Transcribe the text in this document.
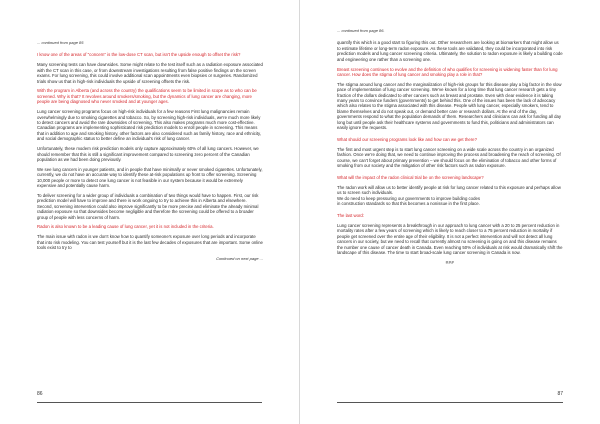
... continued from page 85

I know one of the areas of "concern" is the low-dose CT scan, but isn't the upside enough to offset the risk?

Many screening tests can have downsides. Some might relate to the test itself such as a radiation exposure associated with the CT scan in this case, or from downstream investigations resulting from false positive findings on the screen exams. For lung screening, this could involve additional scan appointments even biopsies or surgeries. Randomized trials show us that in high-risk individuals the upside of screening offsets the risk.

With the program in Alberta (and across the country) the qualifications seem to be limited in scope as to who can be screened. Why is that? It revolves around smokers/smoking, but the dynamics of lung cancer are changing, more people are being diagnosed who never smoked and at younger ages.

Lung cancer screening programs focus on high-risk individuals for a few reasons First lung malignancies remain overwhelmingly due to smoking cigarettes and tobacco. So, by screening high-risk individuals, we're much more likely to detect cancers and avoid the rare downsides of screening. This also makes programs much more cost-effective. Canadian programs are implementing sophisticated risk prediction models to enroll people in screening. This means that in addition to age and smoking history, other factors are also considered such as family history, race and ethnicity, and social demographic status to better define an individual's risk of lung cancer.

Unfortunately, these modern risk prediction models only capture approximately 60% of all lung cancers. However, we should remember that this is still a significant improvement compared to screening zero percent of the Canadian population as we had been doing previously.

We see lung cancers in younger patients, and in people that have minimally or never smoked cigarettes. Unfortunately, currently, we do not have an accurate way to identify these at-risk populations up front to offer screening. Screening 10,000 people or more to detect one lung cancer is not feasible in our system because it would be extremely expensive and potentially cause harm.

To deliver screening for a wider group of individuals a combination of two things would have to happen. First, our risk prediction model will have to improve and there is work ongoing to try to achieve this in Alberta and elsewhere. Second, screening intervention could also improve significantly to be more precise and eliminate the already minimal radiation exposure so that downsides become negligible and therefore the screening could be offered to a broader group of people with less concerns of harm.

Radon is also known to be a leading cause of lung cancer, yet it is not included in the criteria.

The main issue with radon is we don't know how to quantify someone's exposure over long periods and incorporate that into risk modeling. You can test yourself but it is the last few decades of exposures that are important. Some online tools exist to try to

Continued on next page ...
86
... continued from page 86.

quantify this which is a good start to figuring this out. Other researchers are looking at biomarkers that might allow us to estimate lifetime or long-term radon exposure. As these tools are validated, they could be incorporated into risk prediction models and lung cancer screening criteria. Ultimately, the solution to radon exposure is likely a building code and engineering one rather than a screening one.

Breast screening continues to evolve and the definition of who qualifies for screening is widening faster than for lung cancer. How does the stigma of lung cancer and smoking play a role in that?

The stigma around lung cancer and the marginalization of high-risk groups for this disease play a big factor in the slow pace of implementation of lung cancer screening. We've known for a long time that lung cancer research gets a tiny fraction of the dollars dedicated to other cancers such as breast and prostate. Even with clear evidence it is taking many years to convince funders (governments) to get behind this. One of the issues has been the lack of advocacy which also relates to the stigma associated with this disease. People with lung cancer, especially smokers, tend to blame themselves and do not speak out, or demand better care or research dollars. At the end of the day, governments respond to what the population demands of them. Researchers and clinicians can ask for funding all day long but until people ask their healthcare systems and governments to fund this, politicians and administrators can easily ignore the requests.

What should our screening programs look like and how can we get there?

The first and most urgent step is to start lung cancer screening on a wide scale across the country in an organized fashion. Once we're doing that, we need to continue improving the process and broadening the reach of screening. Of course, we can't forget about primary prevention – we should focus on the elimination of tobacco and other forms of smoking from our society and the mitigation of other risk factors such as radon exposure.

What will the impact of the radon clinical trial be on the screening landscape?

The radon work will allow us to better identify people at risk for lung cancer related to this exposure and perhaps allow us to screen such individuals.
We do need to keep pressuring our governments to improve building codes
in construction standards so that this becomes a nonissue in the first place.

The last word:

Lung cancer screening represents a breakthrough in our approach to lung cancer with a 20 to 25 percent reduction in mortality rates after a few years of screening which is likely to reach closer to a 75 percent reduction in mortality if people get screened over the entire age of their eligibility. It is not a perfect intervention and will not detect all lung cancers in our society, but we need to recall that currently almost no screening is going on and this disease remains the number one cause of cancer death in Canada. Even reaching 50% of individuals at risk would dramatically shift the landscape of this disease. The time to start broad-scale lung cancer screening in Canada is now.

###
87
